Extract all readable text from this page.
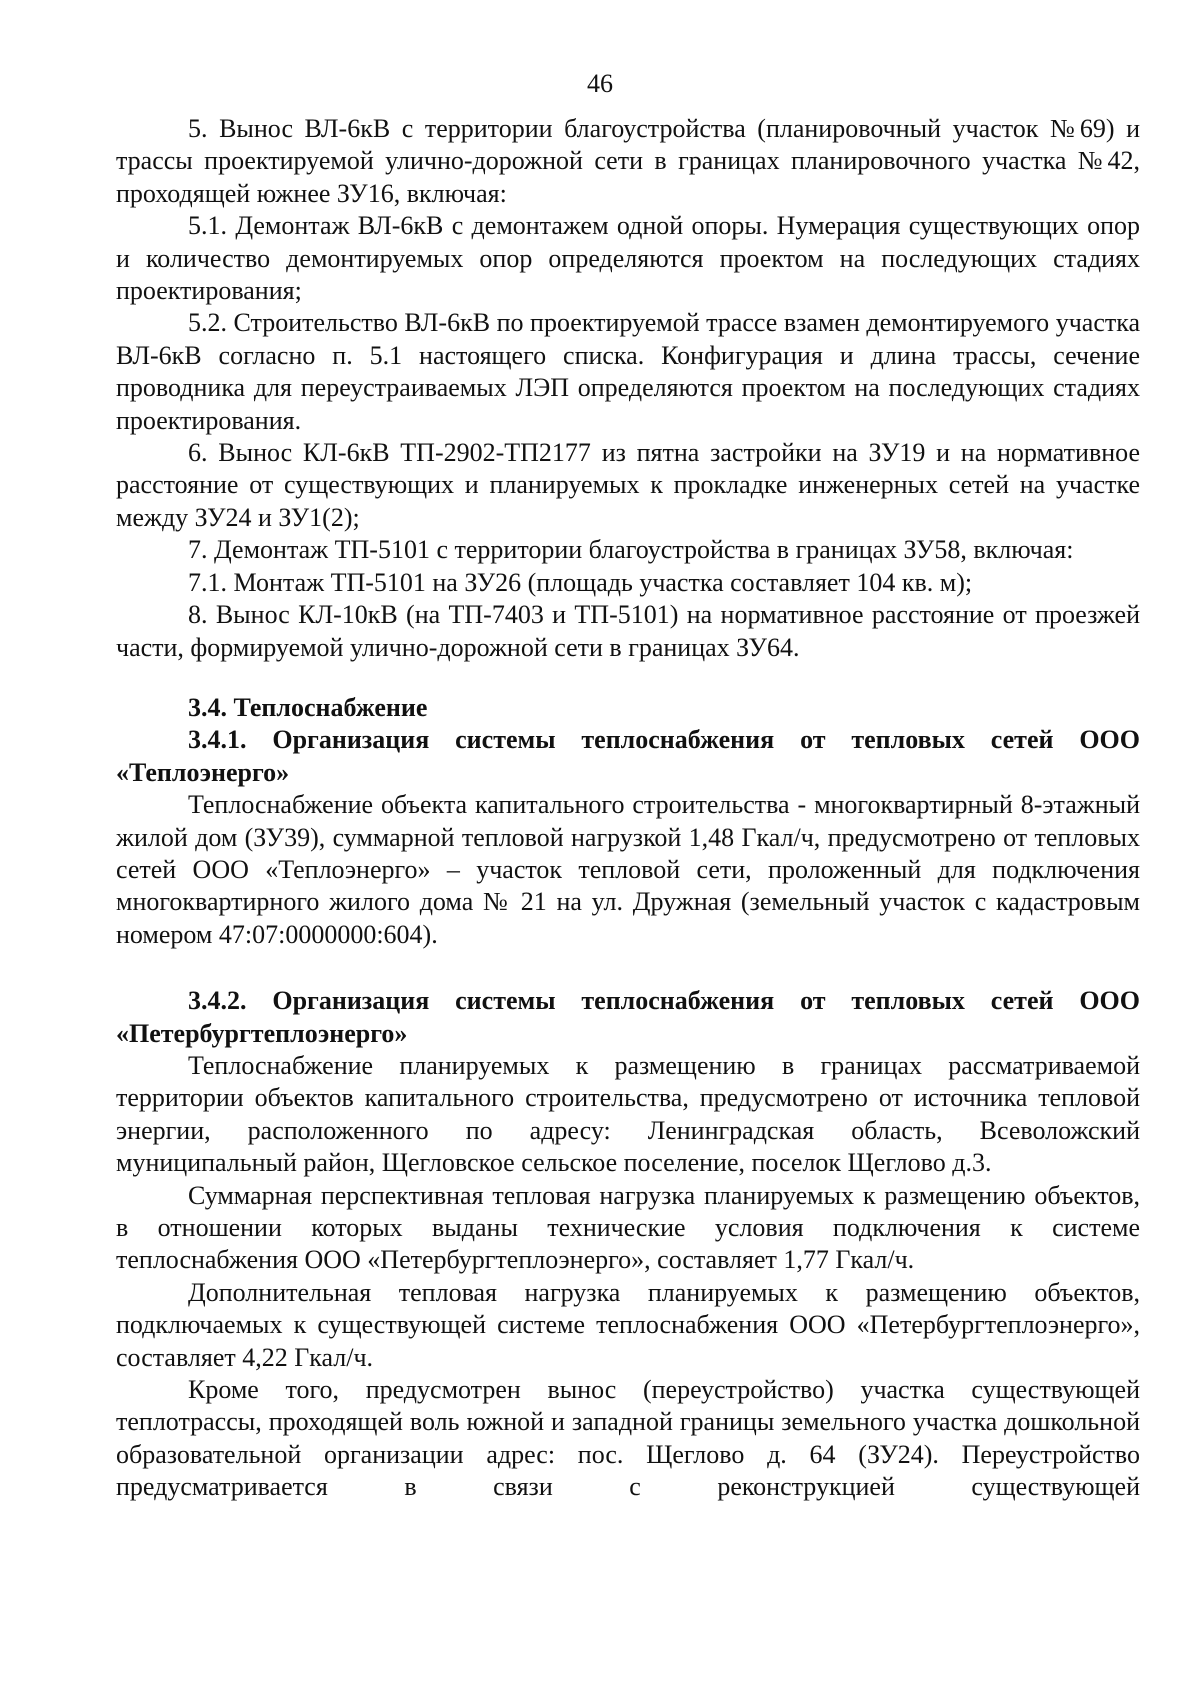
46

5. Вынос ВЛ-6кВ с территории благоустройства (планировочный участок №69) и трассы проектируемой улично-дорожной сети в границах планировочного участка №42, проходящей южнее ЗУ16, включая:

5.1. Демонтаж ВЛ-6кВ с демонтажем одной опоры. Нумерация существующих опор и количество демонтируемых опор определяются проектом на последующих стадиях проектирования;

5.2. Строительство ВЛ-6кВ по проектируемой трассе взамен демонтируемого участка ВЛ-6кВ согласно п. 5.1 настоящего списка. Конфигурация и длина трассы, сечение проводника для переустраиваемых ЛЭП определяются проектом на последующих стадиях проектирования.

6. Вынос КЛ-6кВ ТП-2902-ТП2177 из пятна застройки на ЗУ19 и на нормативное расстояние от существующих и планируемых к прокладке инженерных сетей на участке между ЗУ24 и ЗУ1(2);

7. Демонтаж ТП-5101 с территории благоустройства в границах ЗУ58, включая:

7.1. Монтаж ТП-5101 на ЗУ26 (площадь участка составляет 104 кв. м);

8. Вынос КЛ-10кВ (на ТП-7403 и ТП-5101) на нормативное расстояние от проезжей части, формируемой улично-дорожной сети в границах ЗУ64.

3.4. Теплоснабжение

3.4.1. Организация системы теплоснабжения от тепловых сетей ООО «Теплоэнерго»

Теплоснабжение объекта капитального строительства - многоквартирный 8-этажный жилой дом (ЗУ39), суммарной тепловой нагрузкой 1,48 Гкал/ч, предусмотрено от тепловых сетей ООО «Теплоэнерго» – участок тепловой сети, проложенный для подключения многоквартирного жилого дома № 21 на ул. Дружная (земельный участок с кадастровым номером 47:07:0000000:604).

3.4.2. Организация системы теплоснабжения от тепловых сетей ООО «Петербургтеплоэнерго»

Теплоснабжение планируемых к размещению в границах рассматриваемой территории объектов капитального строительства, предусмотрено от источника тепловой энергии, расположенного по адресу: Ленинградская область, Всеволожский муниципальный район, Щегловское сельское поселение, поселок Щеглово д.3.

Суммарная перспективная тепловая нагрузка планируемых к размещению объектов, в отношении которых выданы технические условия подключения к системе теплоснабжения ООО «Петербургтеплоэнерго», составляет 1,77 Гкал/ч.

Дополнительная тепловая нагрузка планируемых к размещению объектов, подключаемых к существующей системе теплоснабжения ООО «Петербургтеплоэнерго», составляет 4,22 Гкал/ч.

Кроме того, предусмотрен вынос (переустройство) участка существующей теплотрассы, проходящей воль южной и западной границы земельного участка дошкольной образовательной организации адрес: пос. Щеглово д. 64 (ЗУ24). Переустройство предусматривается в связи с реконструкцией существующей
